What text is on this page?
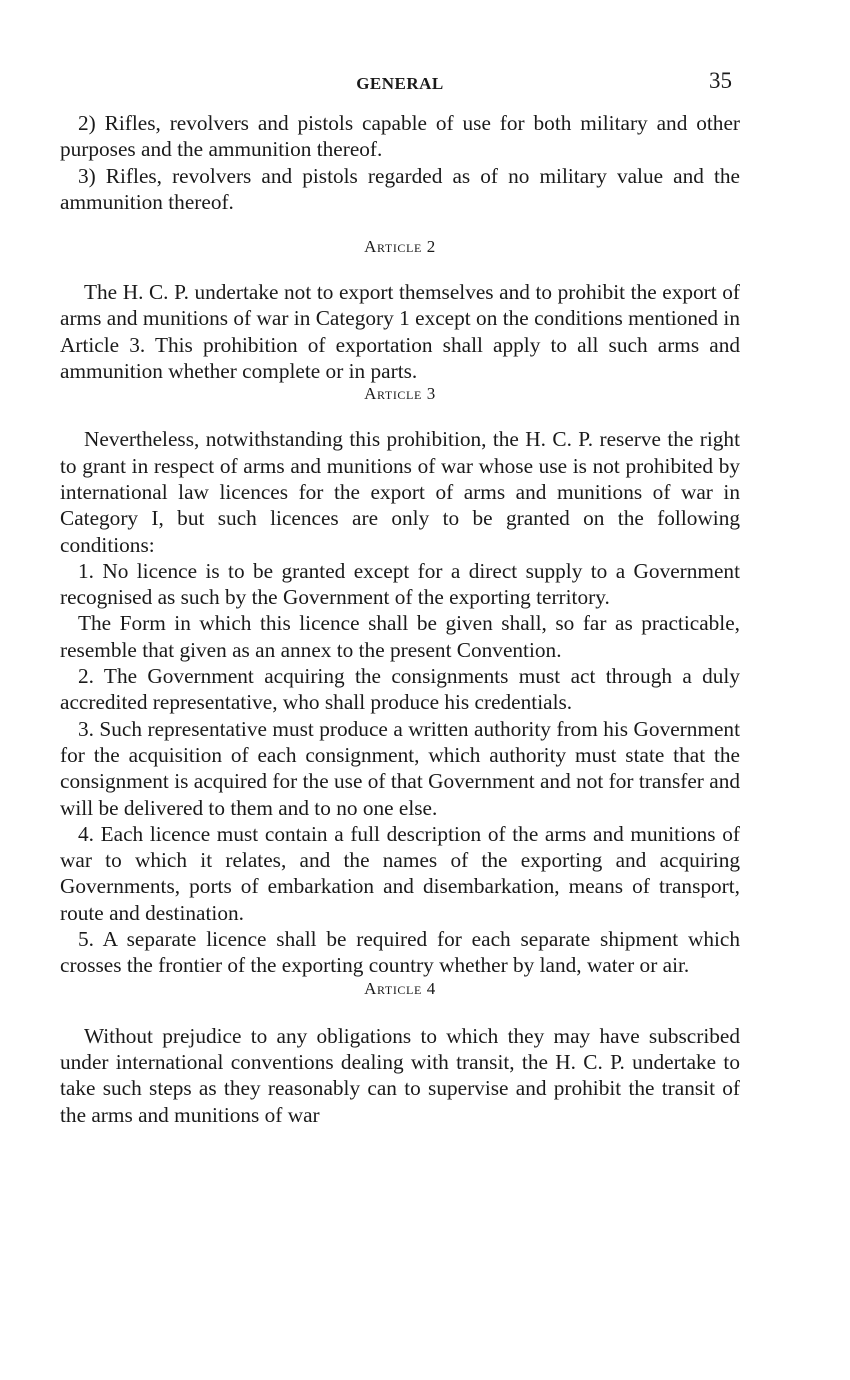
GENERAL	35

2) Rifles, revolvers and pistols capable of use for both military and other purposes and the ammunition thereof.

3) Rifles, revolvers and pistols regarded as of no military value and the ammunition thereof.

Article 2

The H. C. P. undertake not to export themselves and to prohibit the export of arms and munitions of war in Category 1 except on the conditions mentioned in Article 3. This prohibition of exportation shall apply to all such arms and ammunition whether complete or in parts.

Article 3

Nevertheless, notwithstanding this prohibition, the H. C. P. reserve the right to grant in respect of arms and munitions of war whose use is not prohibited by international law licences for the export of arms and munitions of war in Category I, but such licences are only to be granted on the following conditions:

1. No licence is to be granted except for a direct supply to a Government recognised as such by the Government of the exporting territory.

The Form in which this licence shall be given shall, so far as practicable, resemble that given as an annex to the present Convention.

2. The Government acquiring the consignments must act through a duly accredited representative, who shall produce his credentials.

3. Such representative must produce a written authority from his Government for the acquisition of each consignment, which authority must state that the consignment is acquired for the use of that Government and not for transfer and will be delivered to them and to no one else.

4. Each licence must contain a full description of the arms and munitions of war to which it relates, and the names of the exporting and acquiring Governments, ports of embarkation and disembarkation, means of transport, route and destination.

5. A separate licence shall be required for each separate shipment which crosses the frontier of the exporting country whether by land, water or air.

Article 4

Without prejudice to any obligations to which they may have subscribed under international conventions dealing with transit, the H. C. P. undertake to take such steps as they reasonably can to supervise and prohibit the transit of the arms and munitions of war
